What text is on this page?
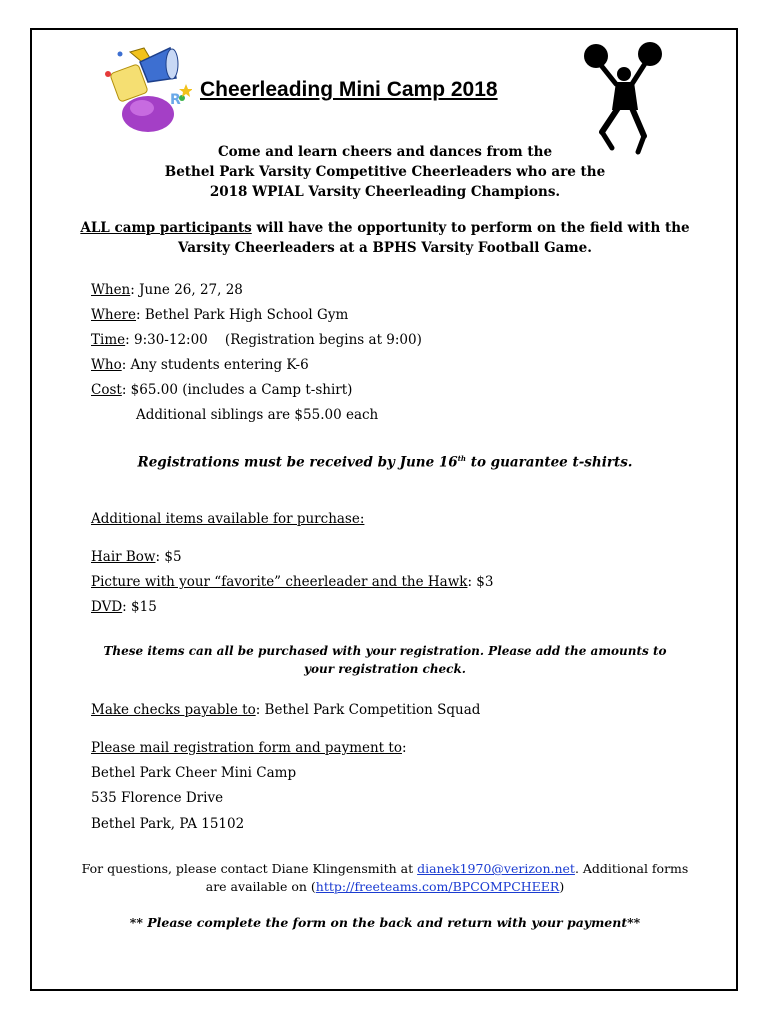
R Cheerleading Mini Camp 2018
Come and learn cheers and dances from the
Bethel Park Varsity Competitive Cheerleaders who are the
2018 WPIAL Varsity Cheerleading Champions.
ALL camp participants will have the opportunity to perform on the field with the
Varsity Cheerleaders at a BPHS Varsity Football Game.
When: June 26, 27, 28
Where: Bethel Park High School Gym
Time: 9:30-12:00    (Registration begins at 9:00)
Who: Any students entering K-6
Cost: $65.00 (includes a Camp t-shirt)
Additional siblings are $55.00 each
Registrations must be received by June 16th to guarantee t-shirts.
Additional items available for purchase:
Hair Bow: $5
Picture with your “favorite” cheerleader and the Hawk: $3
DVD: $15
These items can all be purchased with your registration. Please add the amounts to your registration check.
Make checks payable to: Bethel Park Competition Squad
Please mail registration form and payment to:
Bethel Park Cheer Mini Camp
535 Florence Drive
Bethel Park, PA 15102
For questions, please contact Diane Klingensmith at dianek1970@verizon.net. Additional forms are available on (http://freeteams.com/BPCOMPCHEER)
** Please complete the form on the back and return with your payment**
